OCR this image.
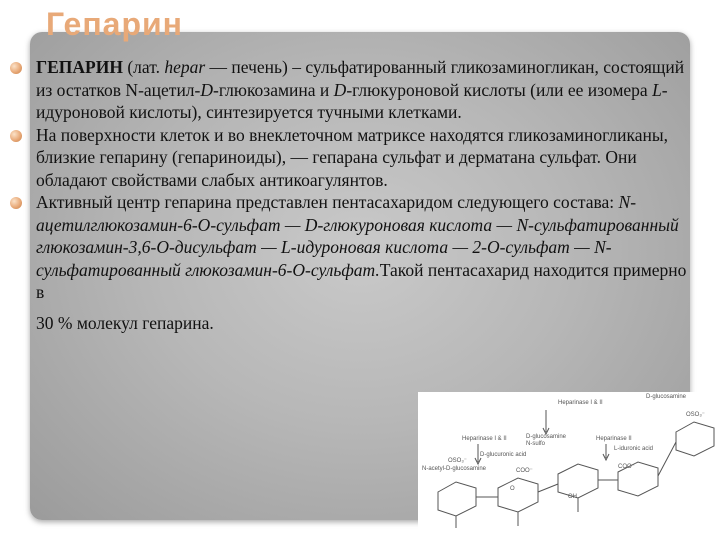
Гепарин

ГЕПАРИН (лат. hepar — печень) – сульфатированный гликозаминогликан, состоящий из остатков N-ацетил-D-глюкозамина и D-глюкуроновой кислоты (или ее изомера L-идуроновой кислоты), синтезируется тучными клетками.

На поверхности клеток и во внеклеточном матриксе находятся гликозаминогликаны, близкие гепарину (гепариноиды), — гепарана сульфат и дерматана сульфат. Они обладают свойствами слабых антикоагулянтов.

Активный центр гепарина представлен пентасахаридом следующего состава: N-ацетилглюкозамин-6-О-сульфат — D-глюкуроновая кислота — N-сульфатированный глюкозамин-3,6-О-дисульфат — L-идуроновая кислота — 2-О-сульфат — N-сульфатированный глюкозамин-6-О-сульфат.Такой пентасахарид находится примерно в
30 % молекул гепарина.

Heparinase I & II
D-glucosamine
Heparinase I & II	D-glucosamine
N-sulfo
Heparinase II
N-acetyl-D-glucosamine
D-glucuronic acid
L-iduronic acid
COO⁻
COO⁻
OSO₃⁻
OSO₃⁻
OH
O
